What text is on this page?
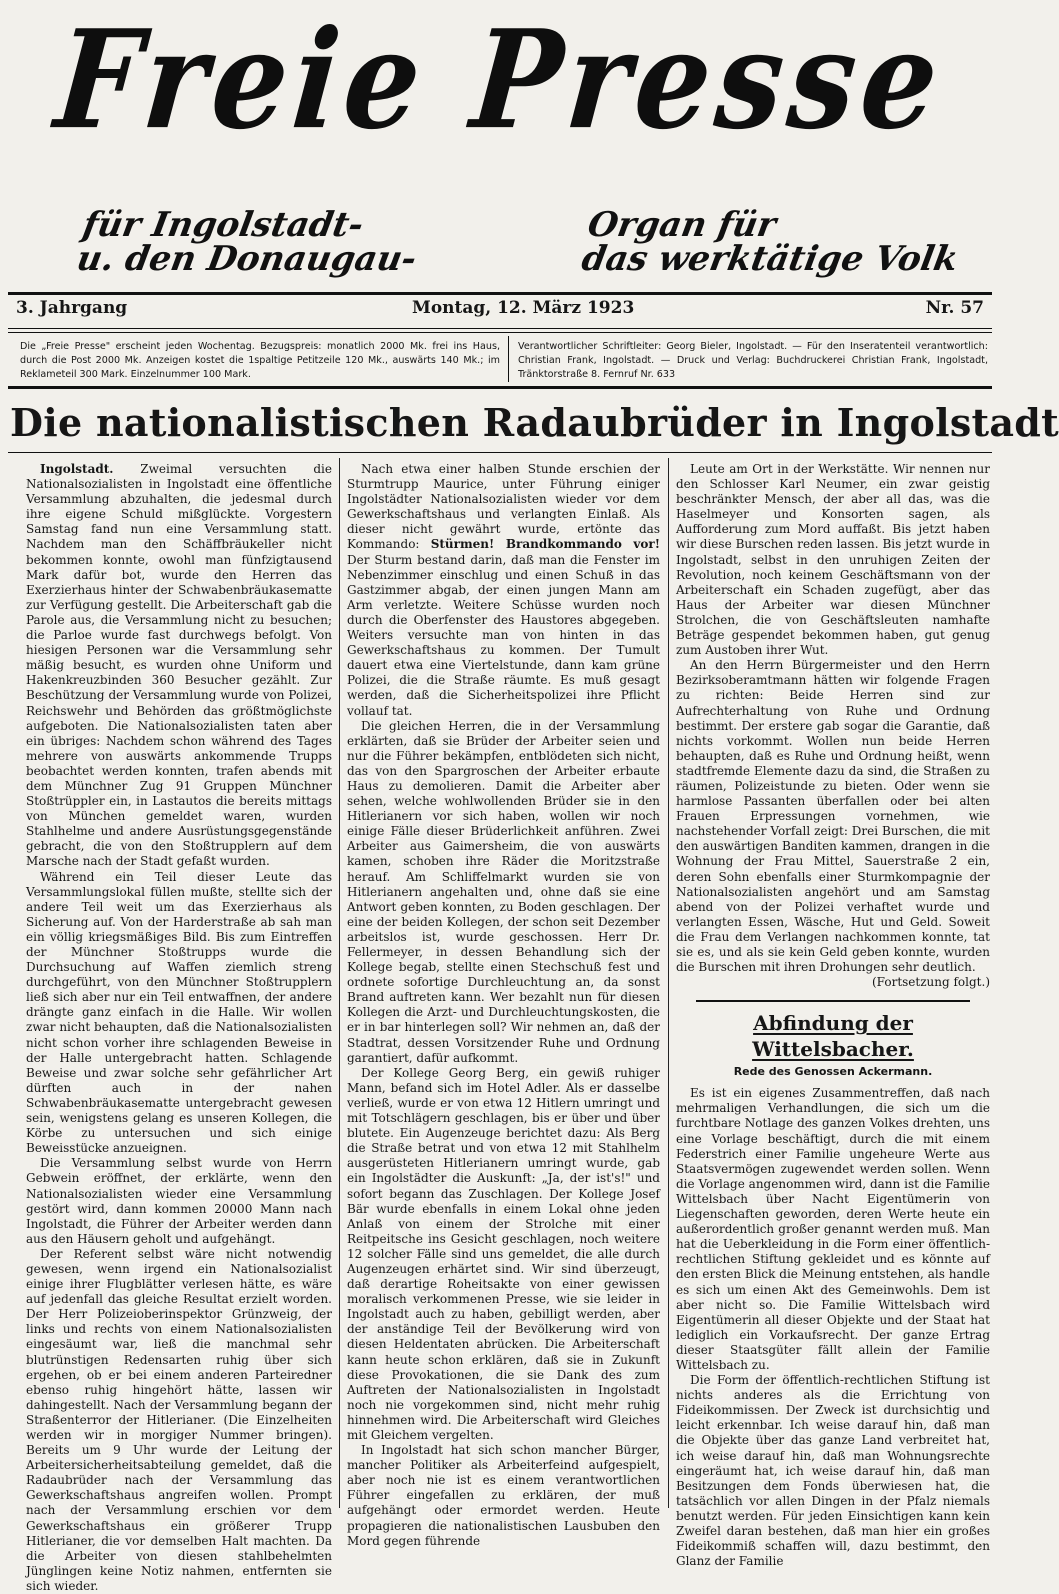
Freie Presse
für Ingolstadt-
u. den Donaugau-
Organ für
das werktätige Volk
3. Jahrgang	Montag, 12. März 1923	Nr. 57
Die „Freie Presse" erscheint jeden Wochentag. Bezugspreis: monatlich 2000 Mk. frei ins Haus, durch die Post 2000 Mk. Anzeigen kostet die 1spaltige Petitzeile 120 Mk., auswärts 140 Mk.; im Reklameteil 300 Mark. Einzelnummer 100 Mark.
Verantwortlicher Schriftleiter: Georg Bieler, Ingolstadt. — Für den Inseratenteil verantwortlich: Christian Frank, Ingolstadt. — Druck und Verlag: Buchdruckerei Christian Frank, Ingolstadt, Tränktorstraße 8. Fernruf Nr. 633
Die nationalistischen Radaubrüder in Ingolstadt

Ingolstadt. Zweimal versuchten die Nationalsozialisten in Ingolstadt eine öffentliche Versammlung abzuhalten, die jedesmal durch ihre eigene Schuld mißglückte. Vorgestern Samstag fand nun eine Versammlung statt. Nachdem man den Schäffbräukeller nicht bekommen konnte, owohl man fünfzigtausend Mark dafür bot, wurde den Herren das Exerzierhaus hinter der Schwabenbräukasematte zur Verfügung gestellt. Die Arbeiterschaft gab die Parole aus, die Versammlung nicht zu besuchen; die Parloe wurde fast durchwegs befolgt. Von hiesigen Personen war die Versammlung sehr mäßig besucht, es wurden ohne Uniform und Hakenkreuzbinden 360 Besucher gezählt. Zur Beschützung der Versammlung wurde von Polizei, Reichswehr und Behörden das größtmöglichste aufgeboten. Die Nationalsozialisten taten aber ein übriges: Nachdem schon während des Tages mehrere von auswärts ankommende Trupps beobachtet werden konnten, trafen abends mit dem Münchner Zug 91 Gruppen Münchner Stoßtrüppler ein, in Lastautos die bereits mittags von München gemeldet waren, wurden Stahlhelme und andere Ausrüstungsgegenstände gebracht, die von den Stoßtrupplern auf dem Marsche nach der Stadt gefaßt wurden.

Während ein Teil dieser Leute das Versammlungslokal füllen mußte, stellte sich der andere Teil weit um das Exerzierhaus als Sicherung auf. Von der Harderstraße ab sah man ein völlig kriegsmäßiges Bild. Bis zum Eintreffen der Münchner Stoßtrupps wurde die Durchsuchung auf Waffen ziemlich streng durchgeführt, von den Münchner Stoßtrupplern ließ sich aber nur ein Teil entwaffnen, der andere drängte ganz einfach in die Halle. Wir wollen zwar nicht behaupten, daß die Nationalsozialisten nicht schon vorher ihre schlagenden Beweise in der Halle untergebracht hatten. Schlagende Beweise und zwar solche sehr gefährlicher Art dürften auch in der nahen Schwabenbräukasematte untergebracht gewesen sein, wenigstens gelang es unseren Kollegen, die Körbe zu untersuchen und sich einige Beweisstücke anzueignen.

Die Versammlung selbst wurde von Herrn Gebwein eröffnet, der erklärte, wenn den Nationalsozialisten wieder eine Versammlung gestört wird, dann kommen 20000 Mann nach Ingolstadt, die Führer der Arbeiter werden dann aus den Häusern geholt und aufgehängt.

Der Referent selbst wäre nicht notwendig gewesen, wenn irgend ein Nationalsozialist einige ihrer Flugblätter verlesen hätte, es wäre auf jedenfall das gleiche Resultat erzielt worden. Der Herr Polizeioberinspektor Grünzweig, der links und rechts von einem Nationalsozialisten eingesäumt war, ließ die manchmal sehr blutrünstigen Redensarten ruhig über sich ergehen, ob er bei einem anderen Parteiredner ebenso ruhig hingehört hätte, lassen wir dahingestellt. Nach der Versammlung begann der Straßenterror der Hitlerianer. (Die Einzelheiten werden wir in morgiger Nummer bringen). Bereits um 9 Uhr wurde der Leitung der Arbeitersicherheitsabteilung gemeldet, daß die Radaubrüder nach der Versammlung das Gewerkschaftshaus angreifen wollen. Prompt nach der Versammlung erschien vor dem Gewerkschaftshaus ein größerer Trupp Hitlerianer, die vor demselben Halt machten. Da die Arbeiter von diesen stahlbehelmten Jünglingen keine Notiz nahmen, entfernten sie sich wieder.

Nach etwa einer halben Stunde erschien der Sturmtrupp Maurice, unter Führung einiger Ingolstädter Nationalsozialisten wieder vor dem Gewerkschaftshaus und verlangten Einlaß. Als dieser nicht gewährt wurde, ertönte das Kommando: Stürmen! Brandkommando vor! Der Sturm bestand darin, daß man die Fenster im Nebenzimmer einschlug und einen Schuß in das Gastzimmer abgab, der einen jungen Mann am Arm verletzte. Weitere Schüsse wurden noch durch die Oberfenster des Haustores abgegeben. Weiters versuchte man von hinten in das Gewerkschaftshaus zu kommen. Der Tumult dauert etwa eine Viertelstunde, dann kam grüne Polizei, die die Straße räumte. Es muß gesagt werden, daß die Sicherheitspolizei ihre Pflicht vollauf tat.

Die gleichen Herren, die in der Versammlung erklärten, daß sie Brüder der Arbeiter seien und nur die Führer bekämpfen, entblödeten sich nicht, das von den Spargroschen der Arbeiter erbaute Haus zu demolieren. Damit die Arbeiter aber sehen, welche wohlwollenden Brüder sie in den Hitlerianern vor sich haben, wollen wir noch einige Fälle dieser Brüderlichkeit anführen. Zwei Arbeiter aus Gaimersheim, die von auswärts kamen, schoben ihre Räder die Moritzstraße herauf. Am Schliffelmarkt wurden sie von Hitlerianern angehalten und, ohne daß sie eine Antwort geben konnten, zu Boden geschlagen. Der eine der beiden Kollegen, der schon seit Dezember arbeitslos ist, wurde geschossen. Herr Dr. Fellermeyer, in dessen Behandlung sich der Kollege begab, stellte einen Stechschuß fest und ordnete sofortige Durchleuchtung an, da sonst Brand auftreten kann. Wer bezahlt nun für diesen Kollegen die Arzt- und Durchleuchtungskosten, die er in bar hinterlegen soll? Wir nehmen an, daß der Stadtrat, dessen Vorsitzender Ruhe und Ordnung garantiert, dafür aufkommt.

Der Kollege Georg Berg, ein gewiß ruhiger Mann, befand sich im Hotel Adler. Als er dasselbe verließ, wurde er von etwa 12 Hitlern umringt und mit Totschlägern geschlagen, bis er über und über blutete. Ein Augenzeuge berichtet dazu: Als Berg die Straße betrat und von etwa 12 mit Stahlhelm ausgerüsteten Hitlerianern umringt wurde, gab ein Ingolstädter die Auskunft: „Ja, der ist's!" und sofort begann das Zuschlagen. Der Kollege Josef Bär wurde ebenfalls in einem Lokal ohne jeden Anlaß von einem der Strolche mit einer Reitpeitsche ins Gesicht geschlagen, noch weitere 12 solcher Fälle sind uns gemeldet, die alle durch Augenzeugen erhärtet sind. Wir sind überzeugt, daß derartige Roheitsakte von einer gewissen moralisch verkommenen Presse, wie sie leider in Ingolstadt auch zu haben, gebilligt werden, aber der anständige Teil der Bevölkerung wird von diesen Heldentaten abrücken. Die Arbeiterschaft kann heute schon erklären, daß sie in Zukunft diese Provokationen, die sie Dank des zum Auftreten der Nationalsozialisten in Ingolstadt noch nie vorgekommen sind, nicht mehr ruhig hinnehmen wird. Die Arbeiterschaft wird Gleiches mit Gleichem vergelten.

In Ingolstadt hat sich schon mancher Bürger, mancher Politiker als Arbeiterfeind aufgespielt, aber noch nie ist es einem verantwortlichen Führer eingefallen zu erklären, der muß aufgehängt oder ermordet werden. Heute propagieren die nationalistischen Lausbuben den Mord gegen führende

Leute am Ort in der Werkstätte. Wir nennen nur den Schlosser Karl Neumer, ein zwar geistig beschränkter Mensch, der aber all das, was die Haselmeyer und Konsorten sagen, als Aufforderung zum Mord auffaßt. Bis jetzt haben wir diese Burschen reden lassen. Bis jetzt wurde in Ingolstadt, selbst in den unruhigen Zeiten der Revolution, noch keinem Geschäftsmann von der Arbeiterschaft ein Schaden zugefügt, aber das Haus der Arbeiter war diesen Münchner Strolchen, die von Geschäftsleuten namhafte Beträge gespendet bekommen haben, gut genug zum Austoben ihrer Wut.

An den Herrn Bürgermeister und den Herrn Bezirksoberamtmann hätten wir folgende Fragen zu richten: Beide Herren sind zur Aufrechterhaltung von Ruhe und Ordnung bestimmt. Der erstere gab sogar die Garantie, daß nichts vorkommt. Wollen nun beide Herren behaupten, daß es Ruhe und Ordnung heißt, wenn stadtfremde Elemente dazu da sind, die Straßen zu räumen, Polizeistunde zu bieten. Oder wenn sie harmlose Passanten überfallen oder bei alten Frauen Erpressungen vornehmen, wie nachstehender Vorfall zeigt: Drei Burschen, die mit den auswärtigen Banditen kammen, drangen in die Wohnung der Frau Mittel, Sauerstraße 2 ein, deren Sohn ebenfalls einer Sturmkompagnie der Nationalsozialisten angehört und am Samstag abend von der Polizei verhaftet wurde und verlangten Essen, Wäsche, Hut und Geld. Soweit die Frau dem Verlangen nachkommen konnte, tat sie es, und als sie kein Geld geben konnte, wurden die Burschen mit ihren Drohungen sehr deutlich.

(Fortsetzung folgt.)
Abfindung der Wittelsbacher.
Rede des Genossen Ackermann.

Es ist ein eigenes Zusammentreffen, daß nach mehrmaligen Verhandlungen, die sich um die furchtbare Notlage des ganzen Volkes drehten, uns eine Vorlage beschäftigt, durch die mit einem Federstrich einer Familie ungeheure Werte aus Staatsvermögen zugewendet werden sollen. Wenn die Vorlage angenommen wird, dann ist die Familie Wittelsbach über Nacht Eigentümerin von Liegenschaften geworden, deren Werte heute ein außerordentlich großer genannt werden muß. Man hat die Ueberkleidung in die Form einer öffentlich-rechtlichen Stiftung gekleidet und es könnte auf den ersten Blick die Meinung entstehen, als handle es sich um einen Akt des Gemeinwohls. Dem ist aber nicht so. Die Familie Wittelsbach wird Eigentümerin all dieser Objekte und der Staat hat lediglich ein Vorkaufsrecht. Der ganze Ertrag dieser Staatsgüter fällt allein der Familie Wittelsbach zu.

Die Form der öffentlich-rechtlichen Stiftung ist nichts anderes als die Errichtung von Fideikommissen. Der Zweck ist durchsichtig und leicht erkennbar. Ich weise darauf hin, daß man die Objekte über das ganze Land verbreitet hat, ich weise darauf hin, daß man Wohnungsrechte eingeräumt hat, ich weise darauf hin, daß man Besitzungen dem Fonds überwiesen hat, die tatsächlich vor allen Dingen in der Pfalz niemals benutzt werden. Für jeden Einsichtigen kann kein Zweifel daran bestehen, daß man hier ein großes Fideikommiß schaffen will, dazu bestimmt, den Glanz der Familie
